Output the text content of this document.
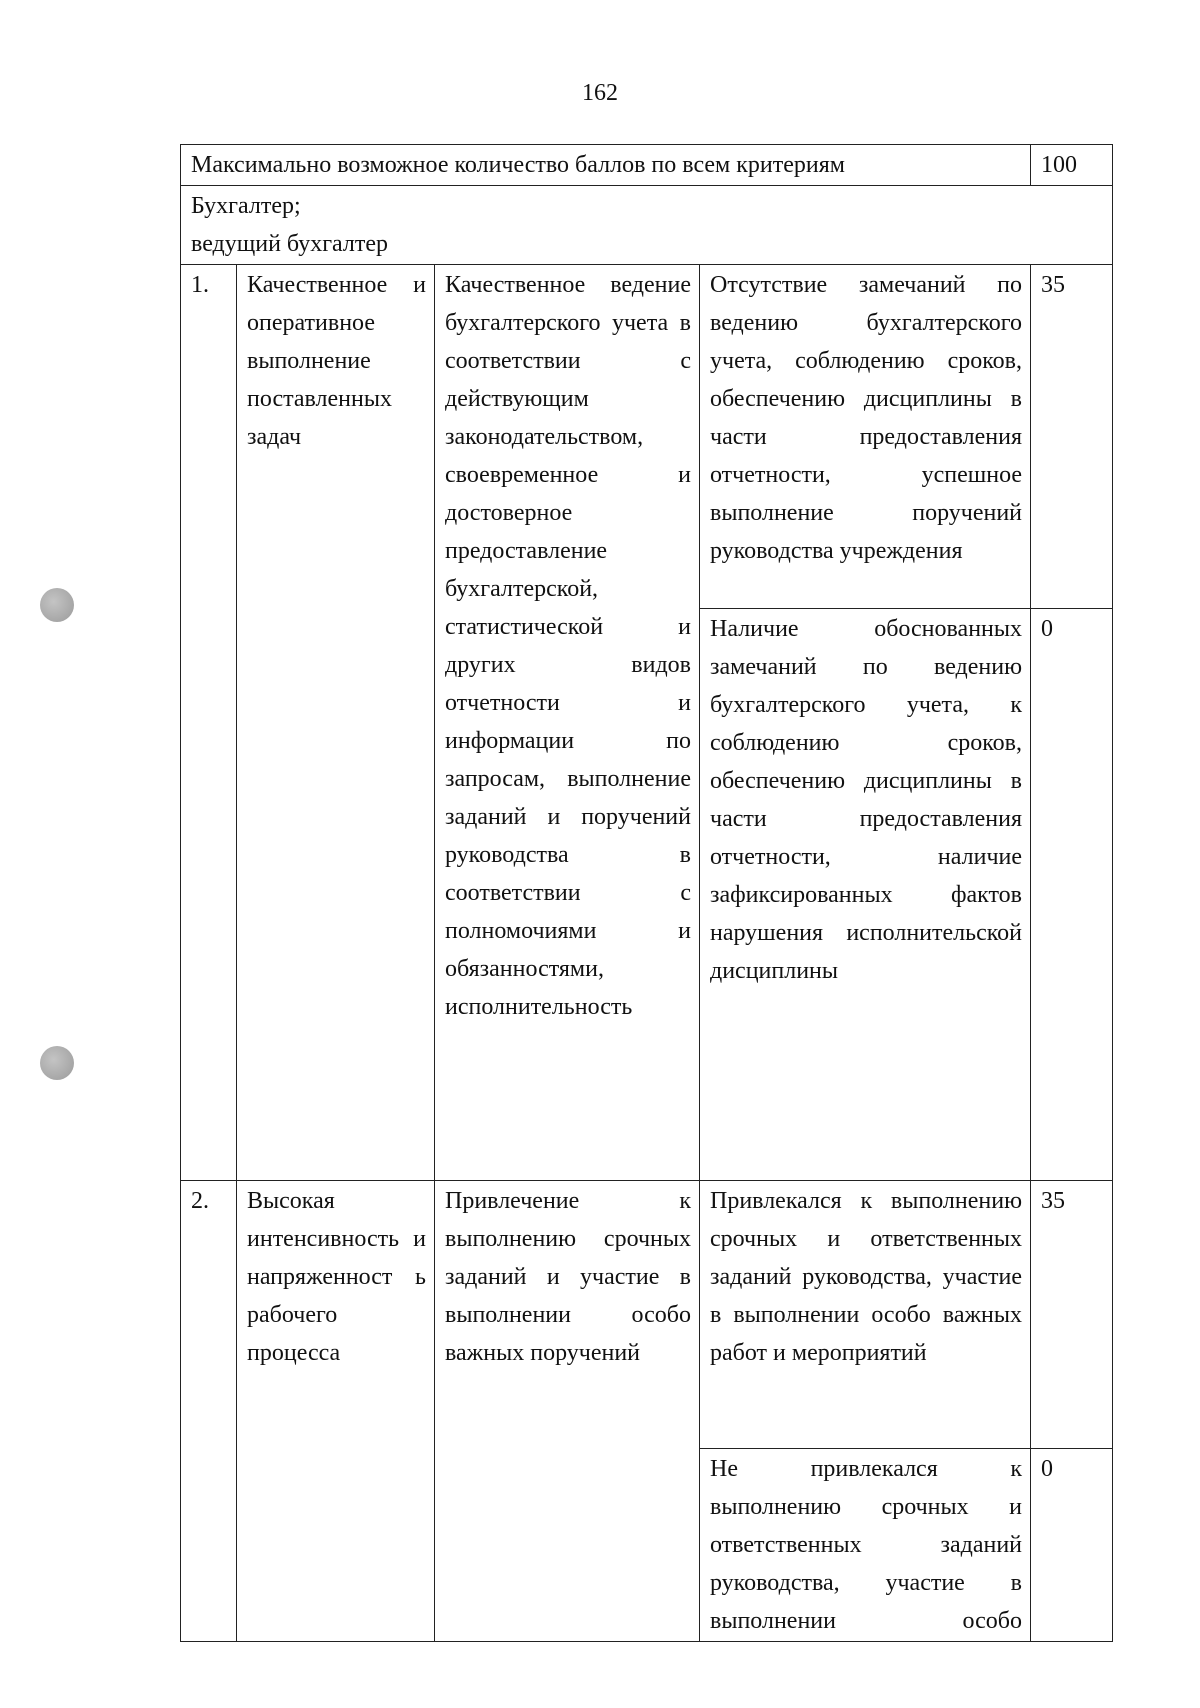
162
Максимально возможное количество баллов по всем критериям				100

Бухгалтер;
ведущий бухгалтер				

1.	Качественное и оперативное выполнение поставленных задач	Качественное ведение бухгалтерского учета в соответствии с действующим законодательством, своевременное и достоверное предоставление бухгалтерской, статистической и других видов отчетности и информации по запросам, выполнение заданий и поручений руководства в соответствии с полномочиями и обязанностями, исполнительность	Отсутствие замечаний по ведению бухгалтерского учета, соблюдению сроков, обеспечению дисциплины в части предоставления отчетности, успешное выполнение поручений руководства учреждения	35
			Наличие обоснованных замечаний по ведению бухгалтерского учета, к соблюдению сроков, обеспечению дисциплины в части предоставления отчетности, наличие зафиксированных фактов нарушения исполнительской дисциплины	0
2.	Высокая интенсивность и напряженност ь рабочего процесса	Привлечение к выполнению срочных заданий и участие в выполнении особо важных поручений	Привлекался к выполнению срочных и ответственных заданий руководства, участие в выполнении особо важных работ и мероприятий	35
			Не привлекался к выполнению срочных и ответственных заданий руководства, участие в выполнении особо	0
